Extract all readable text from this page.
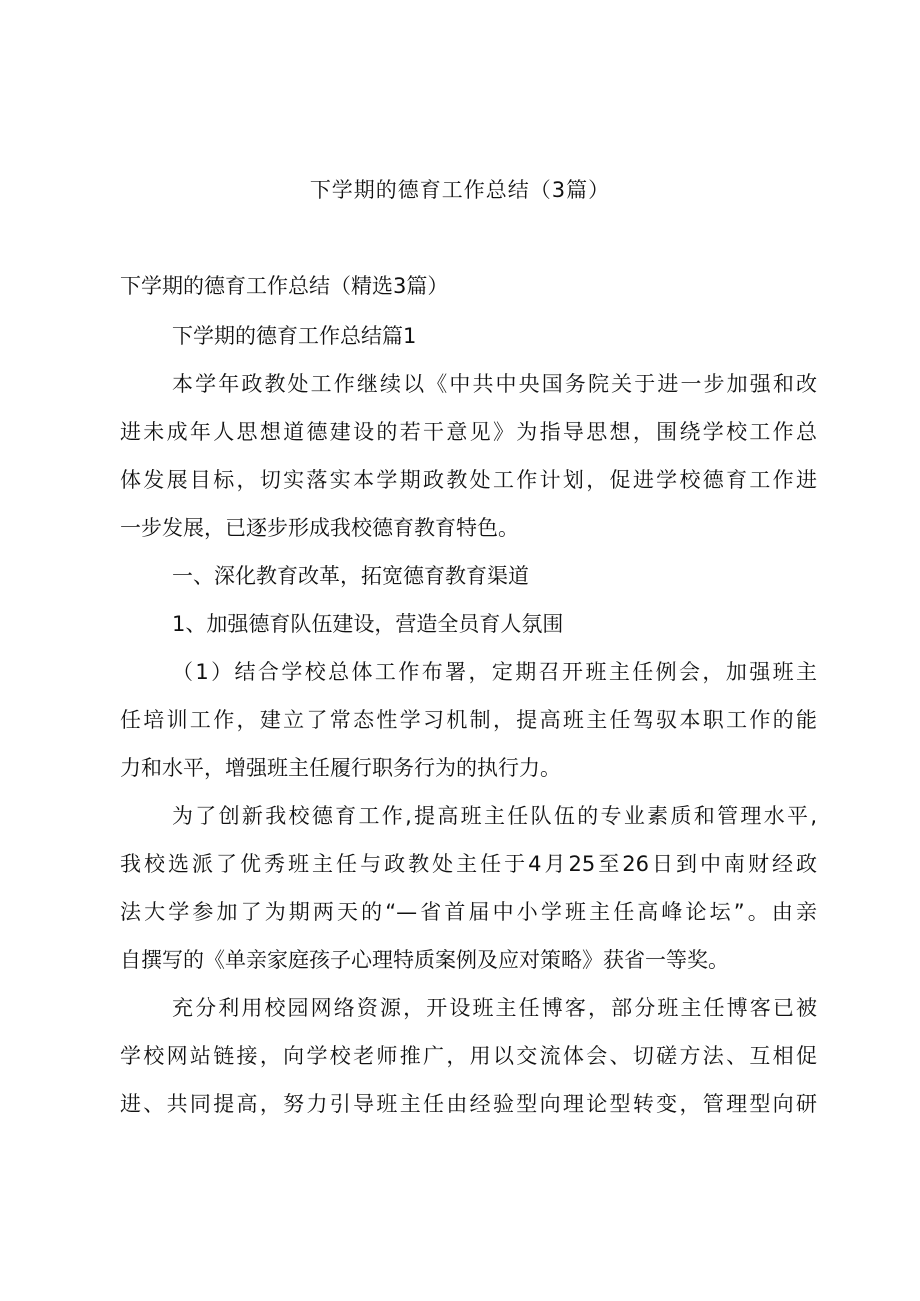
下学期的德育工作总结（3篇）
下学期的德育工作总结（精选3篇）
下学期的德育工作总结篇1
本学年政教处工作继续以《中共中央国务院关于进一步加强和改
进未成年人思想道德建设的若干意见》为指导思想，围绕学校工作总
体发展目标，切实落实本学期政教处工作计划，促进学校德育工作进
一步发展，已逐步形成我校德育教育特色。
一、深化教育改革，拓宽德育教育渠道
1、加强德育队伍建设，营造全员育人氛围
（1）结合学校总体工作布署，定期召开班主任例会，加强班主
任培训工作，建立了常态性学习机制，提高班主任驾驭本职工作的能
力和水平，增强班主任履行职务行为的执行力。
为了创新我校德育工作,提高班主任队伍的专业素质和管理水平,
我校选派了优秀班主任与政教处主任于4月25至26日到中南财经政
法大学参加了为期两天的“—省首届中小学班主任高峰论坛”。由亲
自撰写的《单亲家庭孩子心理特质案例及应对策略》获省一等奖。
充分利用校园网络资源，开设班主任博客，部分班主任博客已被
学校网站链接，向学校老师推广，用以交流体会、切磋方法、互相促
进、共同提高，努力引导班主任由经验型向理论型转变，管理型向研
